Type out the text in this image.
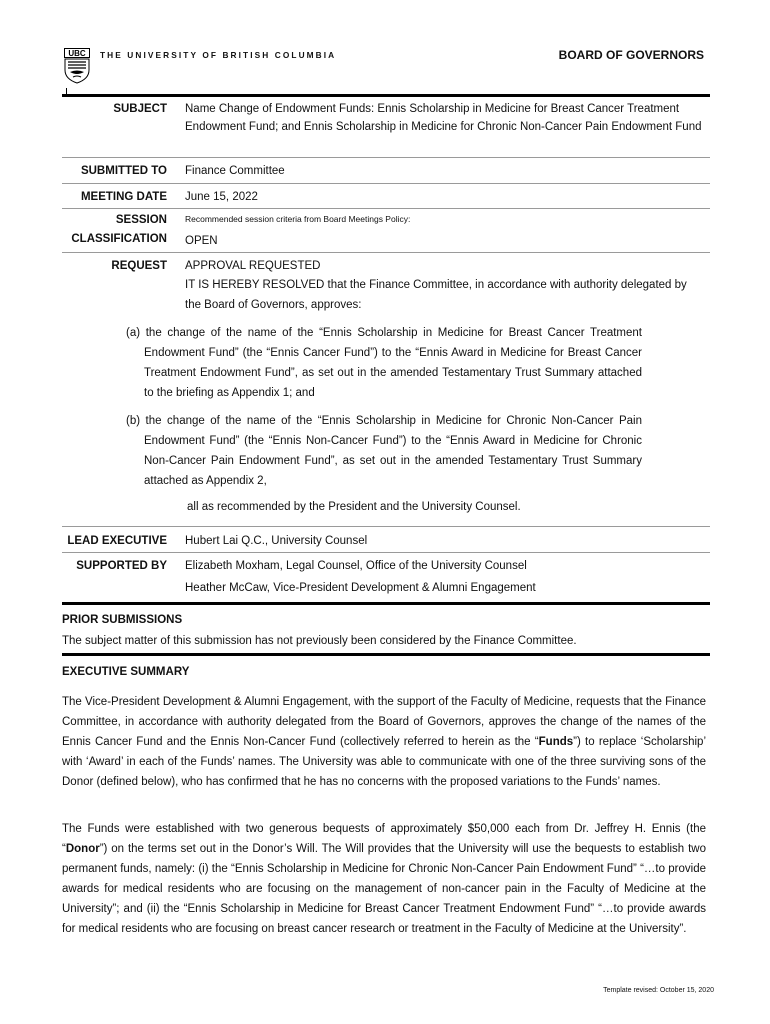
UBC THE UNIVERSITY OF BRITISH COLUMBIA	BOARD OF GOVERNORS
SUBJECT Name Change of Endowment Funds: Ennis Scholarship in Medicine for Breast Cancer Treatment Endowment Fund; and Ennis Scholarship in Medicine for Chronic Non-Cancer Pain Endowment Fund
SUBMITTED TO Finance Committee
MEETING DATE June 15, 2022
SESSION Recommended session criteria from Board Meetings Policy:
CLASSIFICATION OPEN
REQUEST APPROVAL REQUESTED
IT IS HEREBY RESOLVED that the Finance Committee, in accordance with authority delegated by the Board of Governors, approves:
(a) the change of the name of the “Ennis Scholarship in Medicine for Breast Cancer Treatment Endowment Fund” (the “Ennis Cancer Fund”) to the “Ennis Award in Medicine for Breast Cancer Treatment Endowment Fund”, as set out in the amended Testamentary Trust Summary attached to the briefing as Appendix 1; and
(b) the change of the name of the “Ennis Scholarship in Medicine for Chronic Non-Cancer Pain Endowment Fund” (the “Ennis Non-Cancer Fund”) to the “Ennis Award in Medicine for Chronic Non-Cancer Pain Endowment Fund”, as set out in the amended Testamentary Trust Summary attached as Appendix 2,
all as recommended by the President and the University Counsel.
LEAD EXECUTIVE Hubert Lai Q.C., University Counsel
SUPPORTED BY Elizabeth Moxham, Legal Counsel, Office of the University Counsel
Heather McCaw, Vice-President Development & Alumni Engagement
PRIOR SUBMISSIONS
The subject matter of this submission has not previously been considered by the Finance Committee.
EXECUTIVE SUMMARY
The Vice-President Development & Alumni Engagement, with the support of the Faculty of Medicine, requests that the Finance Committee, in accordance with authority delegated from the Board of Governors, approves the change of the names of the Ennis Cancer Fund and the Ennis Non-Cancer Fund (collectively referred to herein as the “Funds”) to replace ‘Scholarship’ with ‘Award’ in each of the Funds’ names. The University was able to communicate with one of the three surviving sons of the Donor (defined below), who has confirmed that he has no concerns with the proposed variations to the Funds’ names.
The Funds were established with two generous bequests of approximately $50,000 each from Dr. Jeffrey H. Ennis (the “Donor”) on the terms set out in the Donor’s Will. The Will provides that the University will use the bequests to establish two permanent funds, namely: (i) the “Ennis Scholarship in Medicine for Chronic Non-Cancer Pain Endowment Fund” “…to provide awards for medical residents who are focusing on the management of non-cancer pain in the Faculty of Medicine at the University”; and (ii) the “Ennis Scholarship in Medicine for Breast Cancer Treatment Endowment Fund” “…to provide awards for medical residents who are focusing on breast cancer research or treatment in the Faculty of Medicine at the University”.
Template revised: October 15, 2020
